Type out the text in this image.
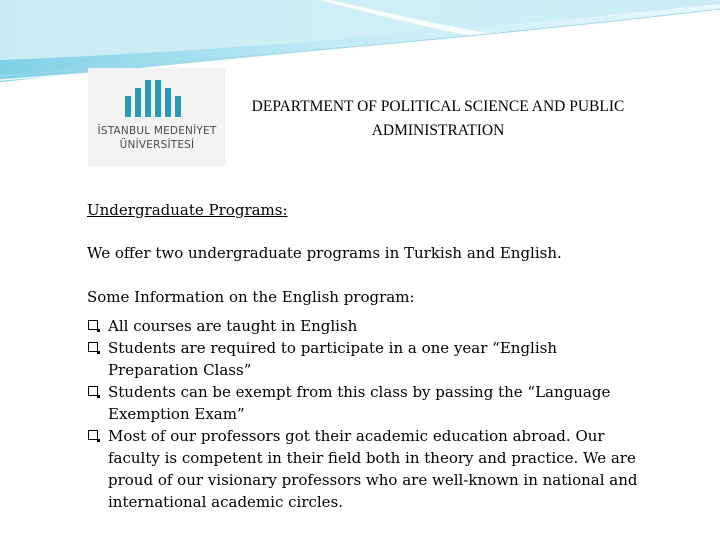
İSTANBUL MEDENİYET
ÜNİVERSİTESİ
DEPARTMENT OF POLITICAL SCIENCE AND PUBLIC ADMINISTRATION
Undergraduate Programs:
We offer two undergraduate programs in Turkish and English.
Some Information on the English program:
All courses are taught in English
Students are required to participate in a one year “English Preparation Class”
Students can be exempt from this class by passing the “Language Exemption Exam”
Most of our professors got their academic education abroad. Our faculty is competent in their field both in theory and practice. We are proud of our visionary professors who are well-known in national and international academic circles.
